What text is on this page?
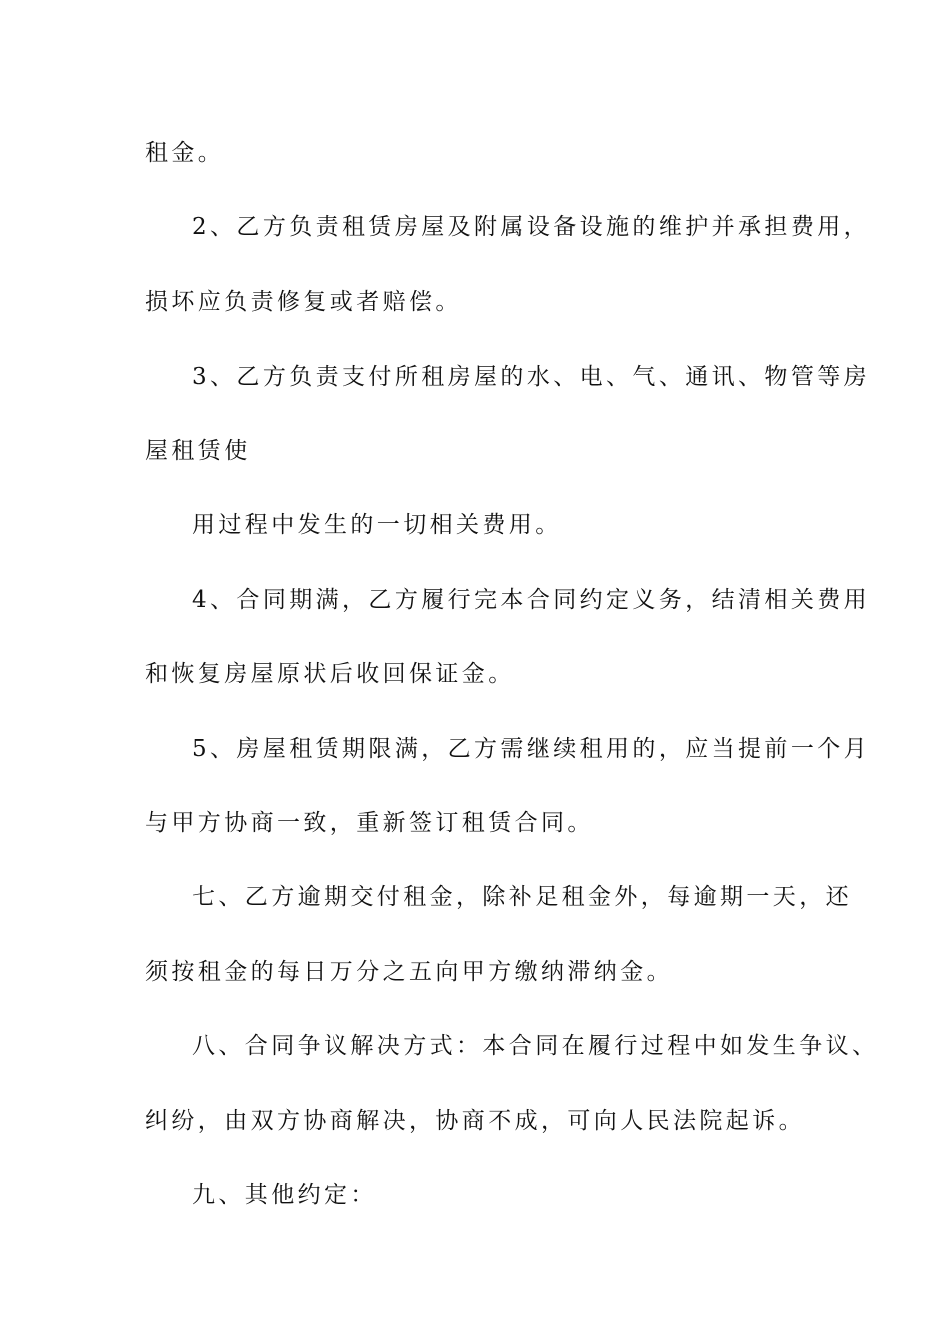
租金。
2、乙方负责租赁房屋及附属设备设施的维护并承担费用，
损坏应负责修复或者赔偿。
3、乙方负责支付所租房屋的水、电、气、通讯、物管等房
屋租赁使
用过程中发生的一切相关费用。
4、合同期满，乙方履行完本合同约定义务，结清相关费用
和恢复房屋原状后收回保证金。
5、房屋租赁期限满，乙方需继续租用的，应当提前一个月
与甲方协商一致，重新签订租赁合同。
七、乙方逾期交付租金，除补足租金外，每逾期一天，还
须按租金的每日万分之五向甲方缴纳滞纳金。
八、合同争议解决方式：本合同在履行过程中如发生争议、
纠纷，由双方协商解决，协商不成，可向人民法院起诉。
九、其他约定：
